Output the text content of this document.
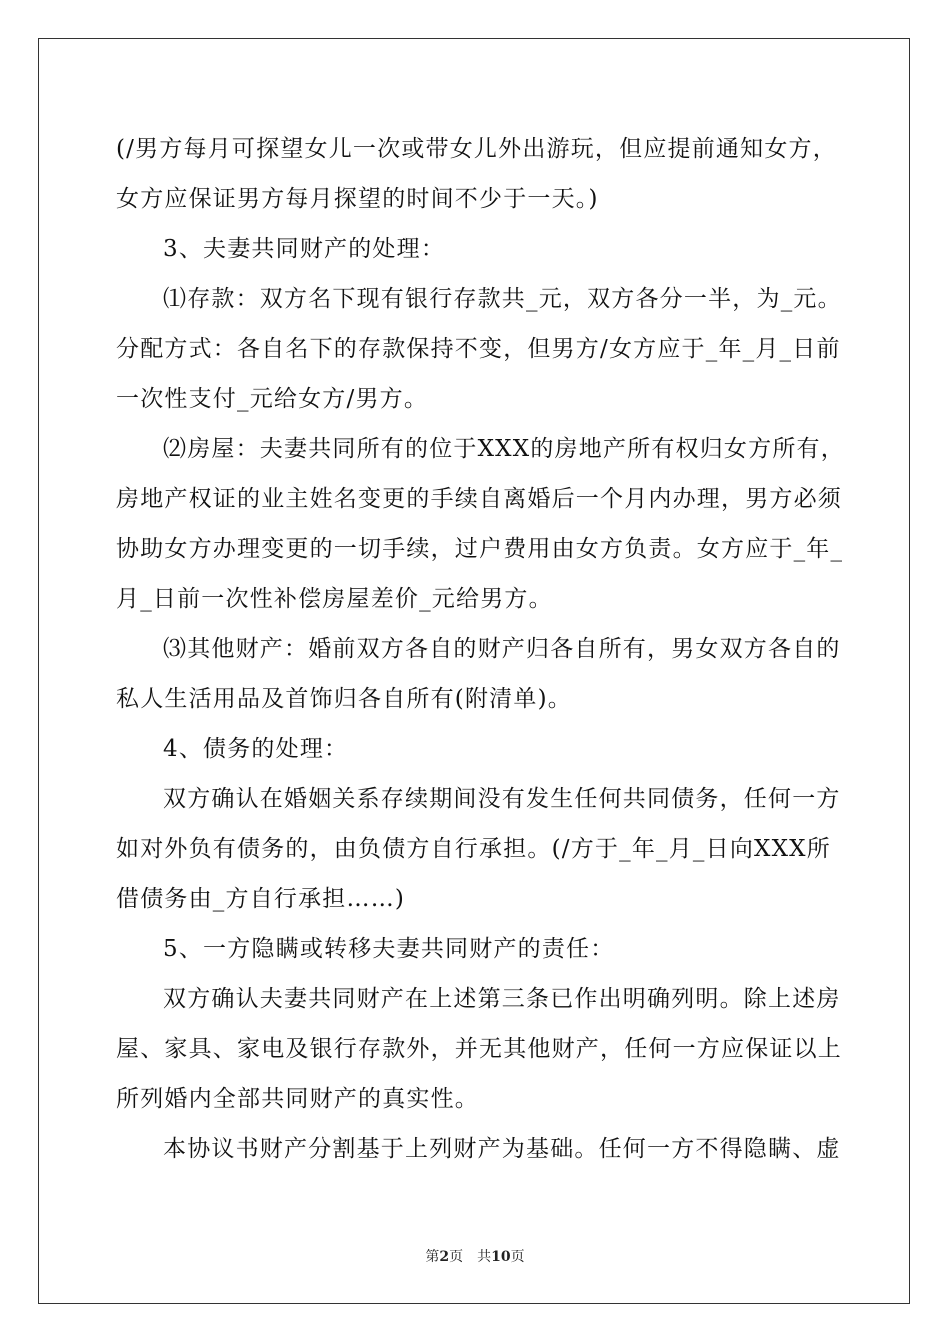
(/男方每月可探望女儿一次或带女儿外出游玩，但应提前通知女方，
女方应保证男方每月探望的时间不少于一天。)
3、夫妻共同财产的处理：
⑴存款：双方名下现有银行存款共_元，双方各分一半，为_元。
分配方式：各自名下的存款保持不变，但男方/女方应于_年_月_日前
一次性支付_元给女方/男方。
⑵房屋：夫妻共同所有的位于XXX的房地产所有权归女方所有，
房地产权证的业主姓名变更的手续自离婚后一个月内办理，男方必须
协助女方办理变更的一切手续，过户费用由女方负责。女方应于_年_
月_日前一次性补偿房屋差价_元给男方。
⑶其他财产：婚前双方各自的财产归各自所有，男女双方各自的
私人生活用品及首饰归各自所有(附清单)。
4、债务的处理：
双方确认在婚姻关系存续期间没有发生任何共同债务，任何一方
如对外负有债务的，由负债方自行承担。(/方于_年_月_日向XXX所
借债务由_方自行承担……)
5、一方隐瞒或转移夫妻共同财产的责任：
双方确认夫妻共同财产在上述第三条已作出明确列明。除上述房
屋、家具、家电及银行存款外，并无其他财产，任何一方应保证以上
所列婚内全部共同财产的真实性。
本协议书财产分割基于上列财产为基础。任何一方不得隐瞒、虚
第2页 共10页
